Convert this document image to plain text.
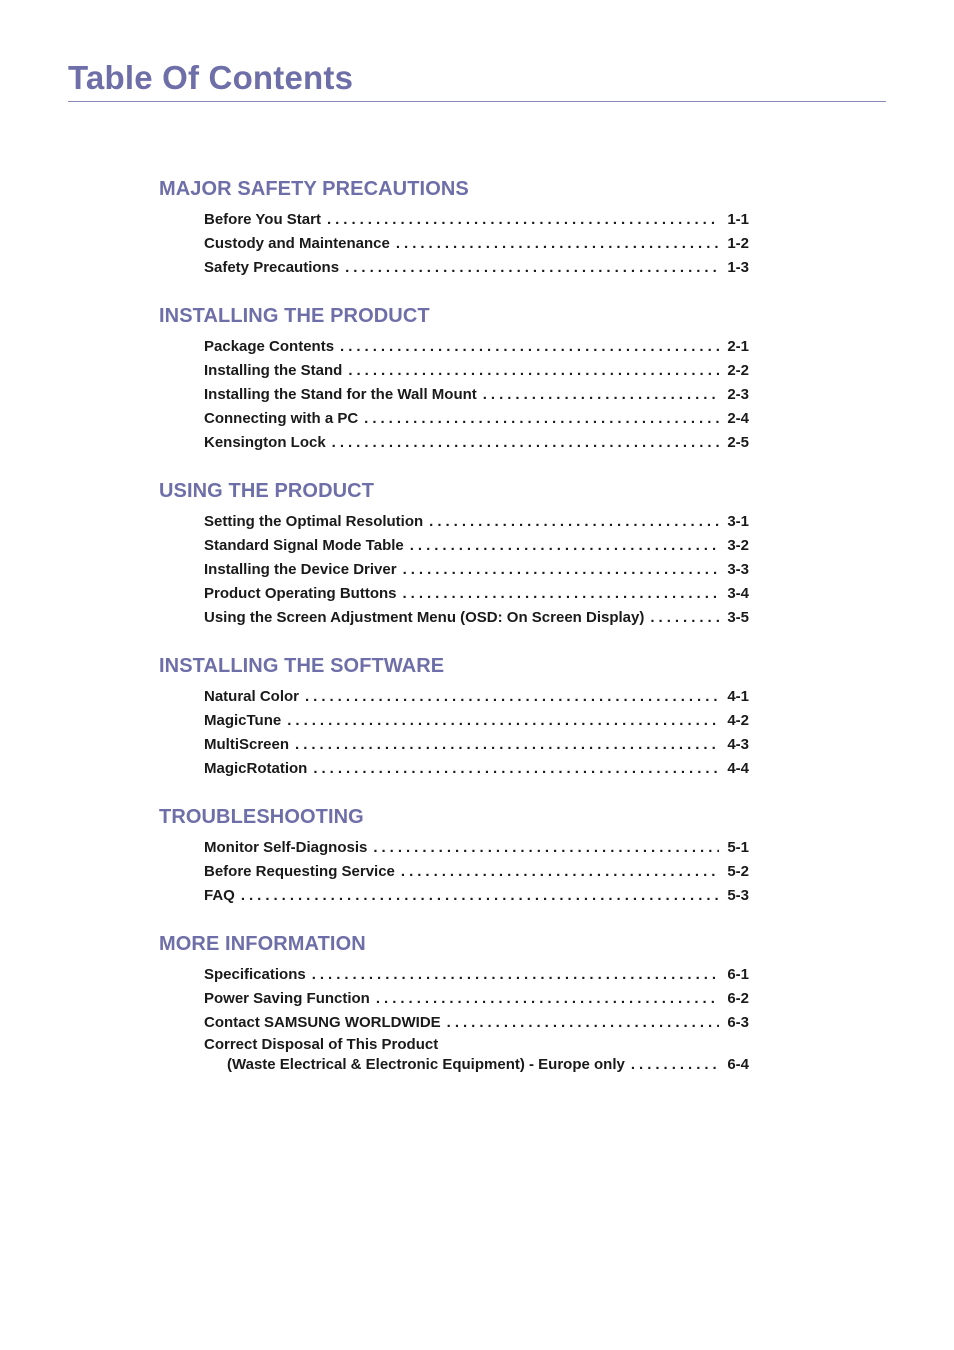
Table Of Contents
MAJOR SAFETY PRECAUTIONS
Before You Start .....	1-1
Custody and Maintenance .....	1-2
Safety Precautions .....	1-3
INSTALLING THE PRODUCT
Package Contents .....	2-1
Installing the Stand .....	2-2
Installing the Stand for the Wall Mount .....	2-3
Connecting with a PC .....	2-4
Kensington Lock .....	2-5
USING THE PRODUCT
Setting the Optimal Resolution .....	3-1
Standard Signal Mode Table .....	3-2
Installing the Device Driver .....	3-3
Product Operating Buttons .....	3-4
Using the Screen Adjustment Menu (OSD: On Screen Display) .....	3-5
INSTALLING THE SOFTWARE
Natural Color .....	4-1
MagicTune .....	4-2
MultiScreen .....	4-3
MagicRotation .....	4-4
TROUBLESHOOTING
Monitor Self-Diagnosis .....	5-1
Before Requesting Service .....	5-2
FAQ .....	5-3
MORE INFORMATION
Specifications .....	6-1
Power Saving Function .....	6-2
Contact SAMSUNG WORLDWIDE .....	6-3
Correct Disposal of This Product
(Waste Electrical & Electronic Equipment) - Europe only .....	6-4
